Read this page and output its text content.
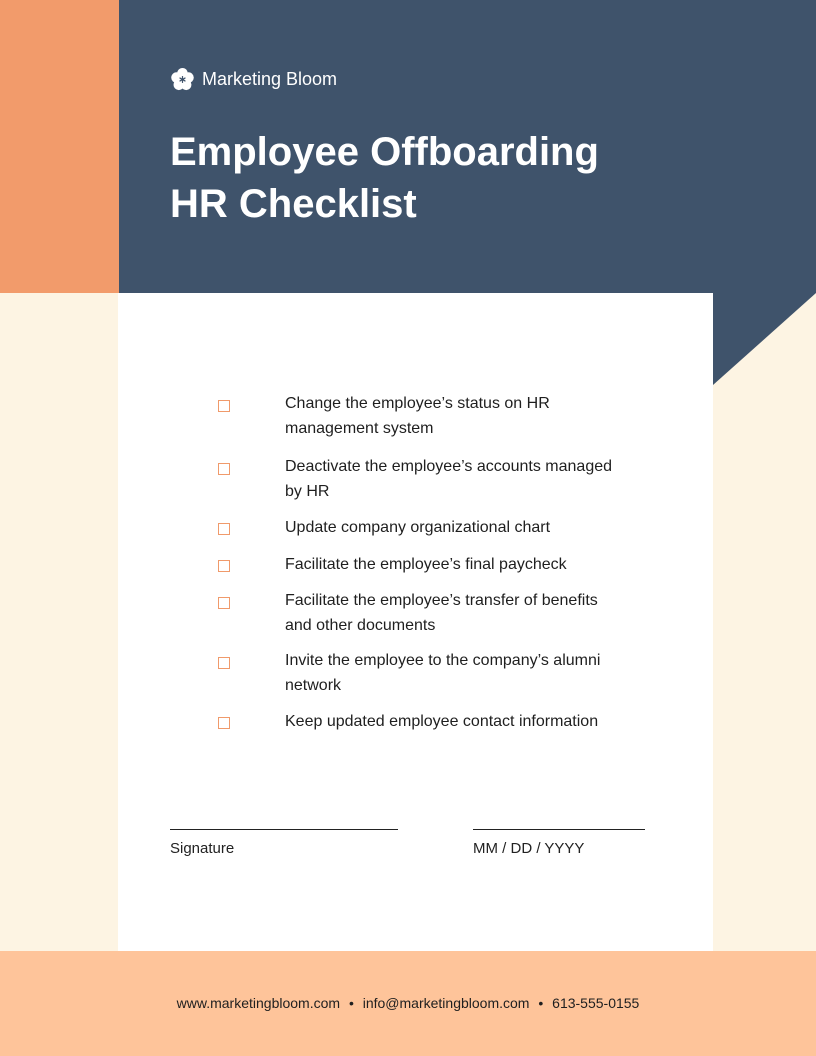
Marketing Bloom
Employee Offboarding
HR Checklist
Change the employee’s status on HR
management system
Deactivate the employee’s accounts managed
by HR
Update company organizational chart
Facilitate the employee’s final paycheck
Facilitate the employee’s transfer of benefits
and other documents
Invite the employee to the company’s alumni
network
Keep updated employee contact information
Signature	MM / DD / YYYY
www.marketingbloom.com • info@marketingbloom.com • 613-555-0155
